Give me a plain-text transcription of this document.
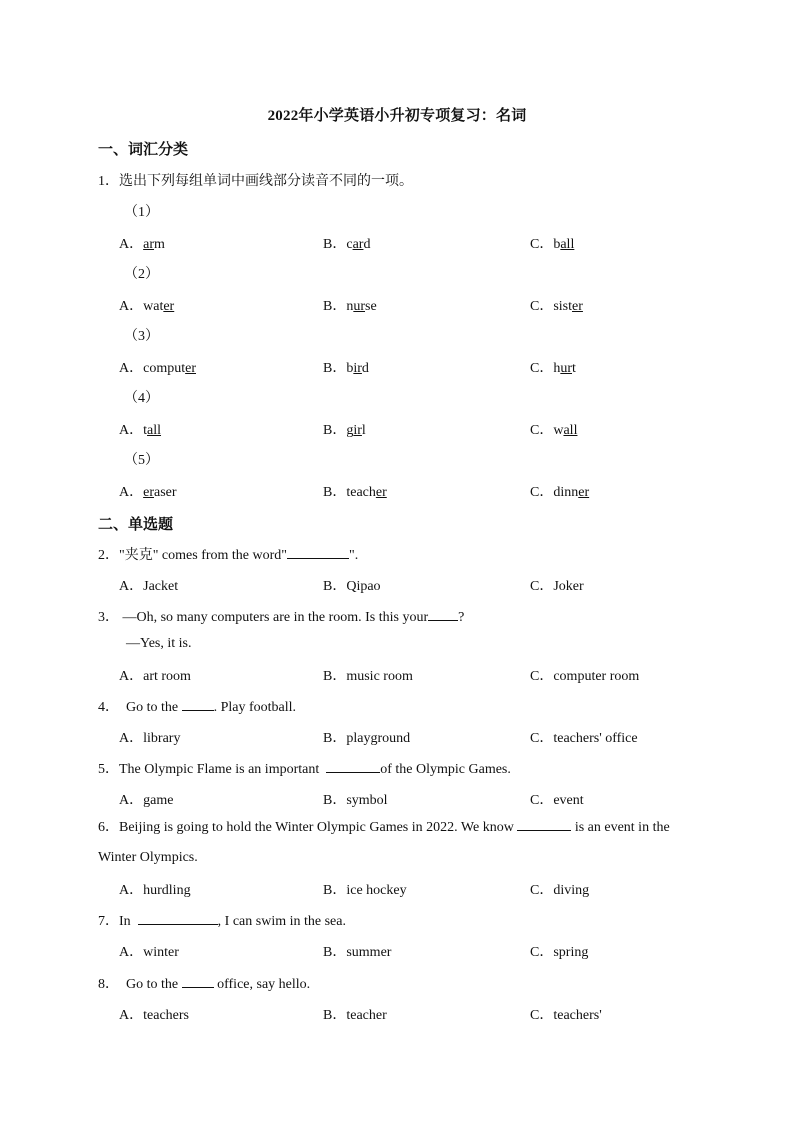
2022年小学英语小升初专项复习：名词
一、词汇分类
1．选出下列每组单词中画线部分读音不同的一项。
（1）
A．arm	B．card	C．ball
（2）
A．water	B．nurse	C．sister
（3）
A．computer	B．bird	C．hurt
（4）
A．tall	B．girl	C．wall
（5）
A．eraser	B．teacher	C．dinner
二、单选题
2．"夹克" comes from the word"	".
A．Jacket	B．Qipao	C．Joker
3． —Oh, so many computers are in the room. Is this your ?
—Yes, it is.
A．art room	B．music room	C．computer room
4． Go to the	. Play football.
A．library	B．playground	C．teachers' office
5．The Olympic Flame is an important	of the Olympic Games.
A．game	B．symbol	C．event
6．Beijing is going to hold the Winter Olympic Games in 2022. We know	is an event in the Winter Olympics.
A．hurdling	B．ice hockey	C．diving
7．In	, I can swim in the sea.
A．winter	B．summer	C．spring
8． Go to the	office, say hello.
A．teachers	B．teacher	C．teachers'
